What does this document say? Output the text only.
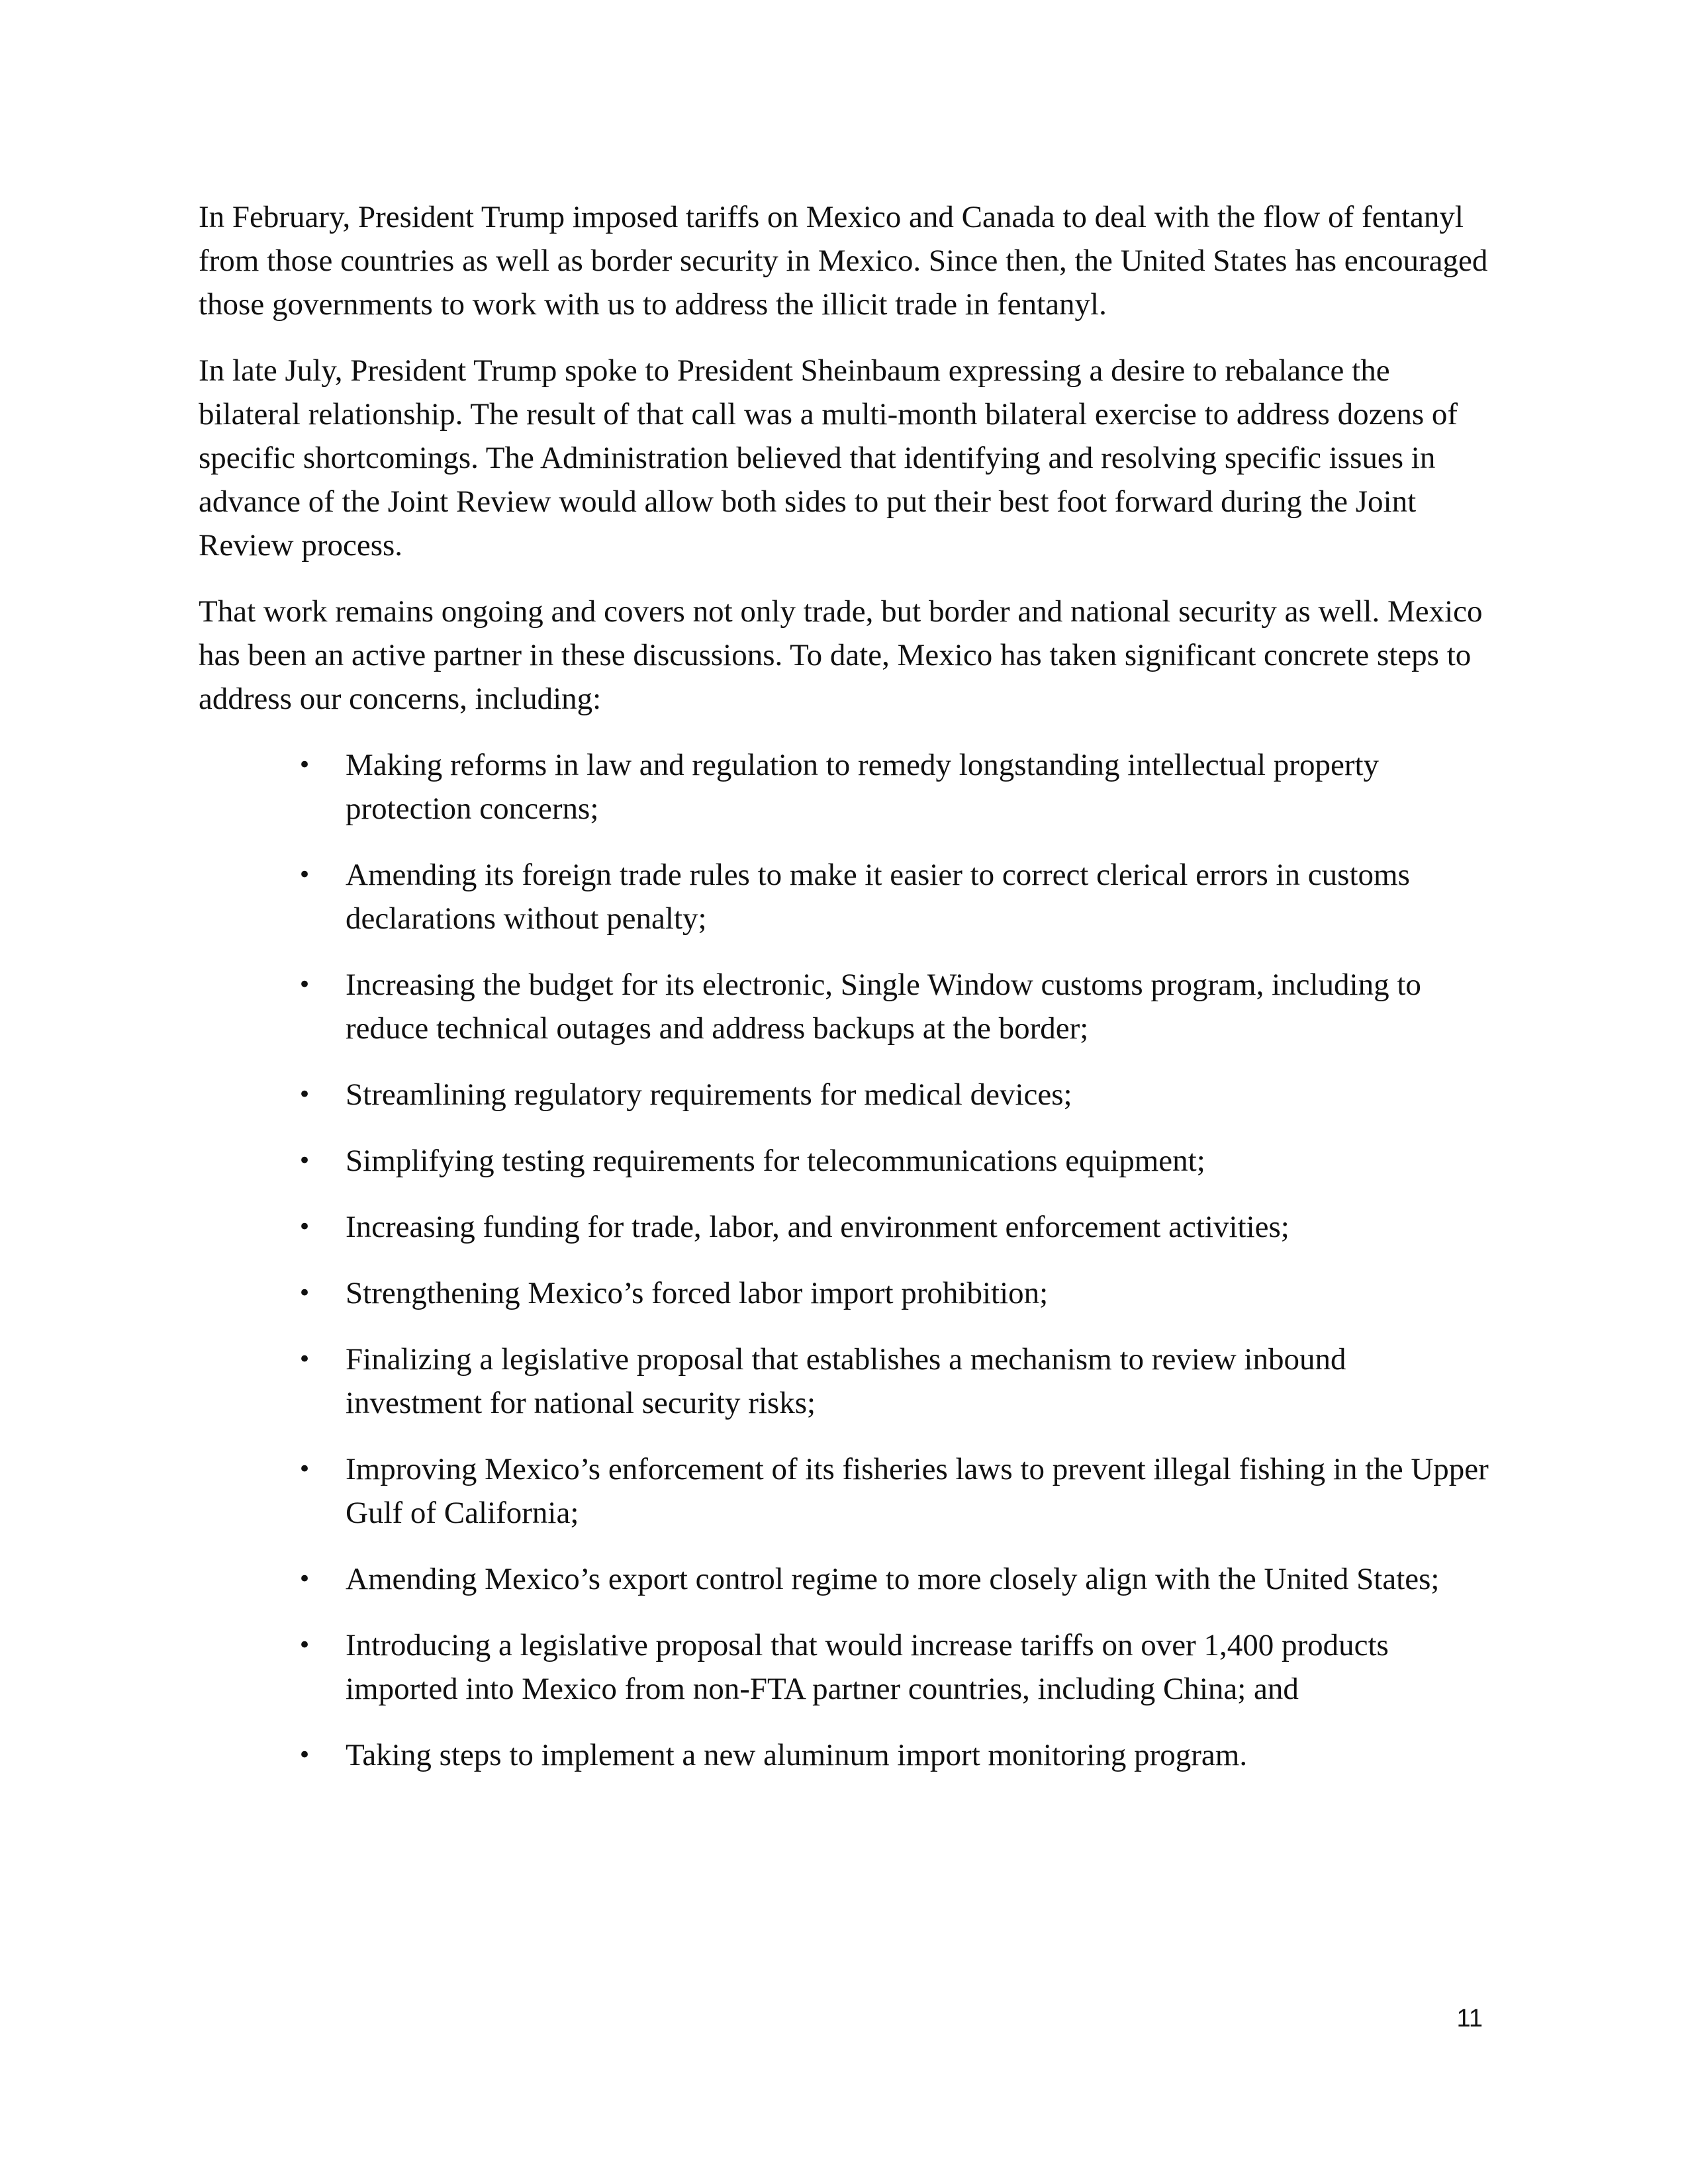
In February, President Trump imposed tariffs on Mexico and Canada to deal with the flow of fentanyl from those countries as well as border security in Mexico. Since then, the United States has encouraged those governments to work with us to address the illicit trade in fentanyl.

In late July, President Trump spoke to President Sheinbaum expressing a desire to rebalance the bilateral relationship. The result of that call was a multi-month bilateral exercise to address dozens of specific shortcomings. The Administration believed that identifying and resolving specific issues in advance of the Joint Review would allow both sides to put their best foot forward during the Joint Review process.

That work remains ongoing and covers not only trade, but border and national security as well. Mexico has been an active partner in these discussions. To date, Mexico has taken significant concrete steps to address our concerns, including:

• Making reforms in law and regulation to remedy longstanding intellectual property protection concerns;
• Amending its foreign trade rules to make it easier to correct clerical errors in customs declarations without penalty;
• Increasing the budget for its electronic, Single Window customs program, including to reduce technical outages and address backups at the border;
• Streamlining regulatory requirements for medical devices;
• Simplifying testing requirements for telecommunications equipment;
• Increasing funding for trade, labor, and environment enforcement activities;
• Strengthening Mexico’s forced labor import prohibition;
• Finalizing a legislative proposal that establishes a mechanism to review inbound investment for national security risks;
• Improving Mexico’s enforcement of its fisheries laws to prevent illegal fishing in the Upper Gulf of California;
• Amending Mexico’s export control regime to more closely align with the United States;
• Introducing a legislative proposal that would increase tariffs on over 1,400 products imported into Mexico from non-FTA partner countries, including China; and
• Taking steps to implement a new aluminum import monitoring program.
11
